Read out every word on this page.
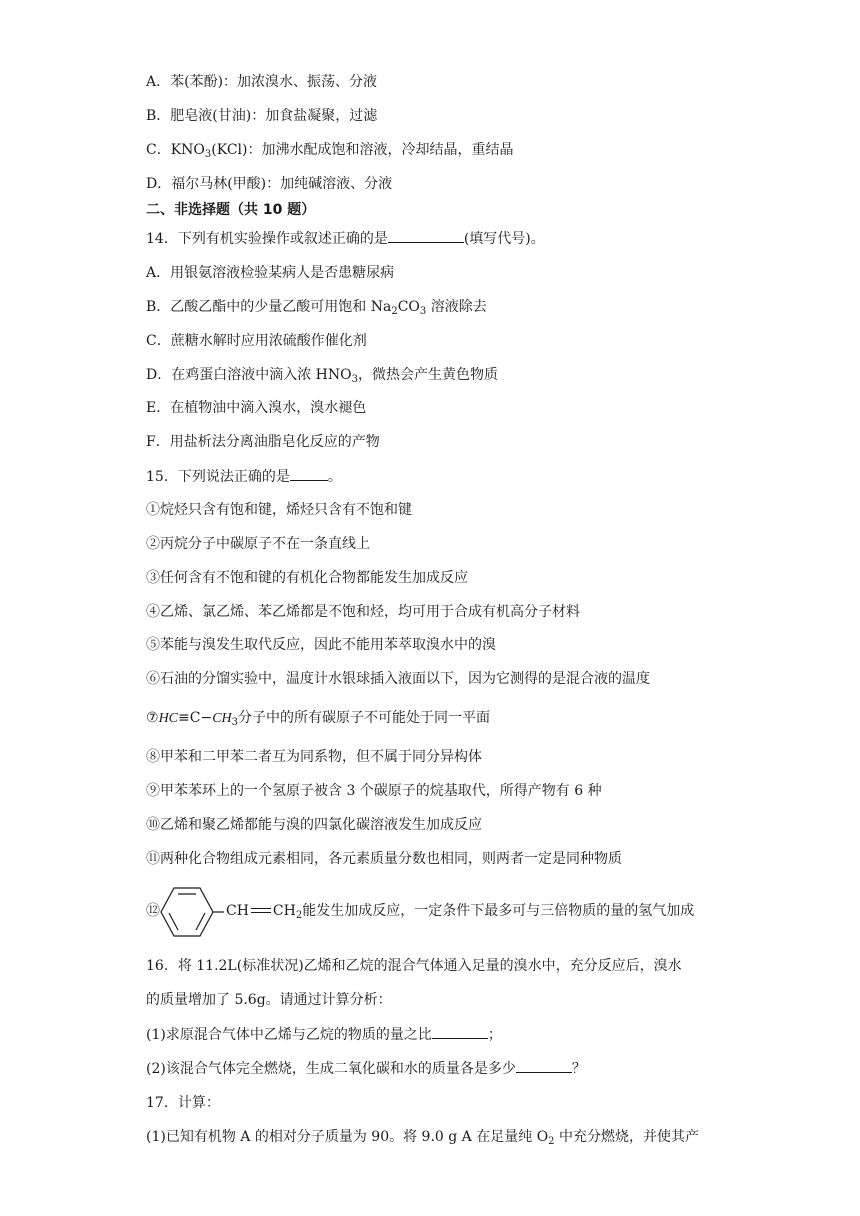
A．苯(苯酚)：加浓溴水、振荡、分液
B．肥皂液(甘油)：加食盐凝聚，过滤
C．$KNO_3(KCl)$：加沸水配成饱和溶液，冷却结晶，重结晶
D．福尔马林(甲酸)：加纯碱溶液、分液
二、非选择题（共 10 题）
14．下列有机实验操作或叙述正确的是	(填写代号)。
A．用银氨溶液检验某病人是否患糖尿病
B．乙酸乙酯中的少量乙酸可用饱和 $Na_2CO_3$ 溶液除去
C．蔗糖水解时应用浓硫酸作催化剂
D．在鸡蛋白溶液中滴入浓 $HNO_3$，微热会产生黄色物质
E．在植物油中滴入溴水，溴水褪色
F．用盐析法分离油脂皂化反应的产物
15．下列说法正确的是	。
①烷烃只含有饱和键，烯烃只含有不饱和键
②丙烷分子中碳原子不在一条直线上
③任何含有不饱和键的有机化合物都能发生加成反应
④乙烯、氯乙烯、苯乙烯都是不饱和烃，均可用于合成有机高分子材料
⑤苯能与溴发生取代反应，因此不能用苯萃取溴水中的溴
⑥石油的分馏实验中，温度计水银球插入液面以下，因为它测得的是混合液的温度
$⑦HC\equiv C-CH_3$分子中的所有碳原子不可能处于同一平面
⑧甲苯和二甲苯二者互为同系物，但不属于同分异构体
⑨甲苯苯环上的一个氢原子被含 3 个碳原子的烷基取代，所得产物有 6 种
⑩乙烯和聚乙烯都能与溴的四氯化碳溶液发生加成反应
⑪两种化合物组成元素相同，各元素质量分数也相同，则两者一定是同种物质
⑫	CH $CH_2$能发生加成反应，一定条件下最多可与三倍物质的量的氢气加成
16．将 11.2L(标准状况)乙烯和乙烷的混合气体通入足量的溴水中，充分反应后，溴水
的质量增加了 5.6g。请通过计算分析：
(1)求原混合气体中乙烯与乙烷的物质的量之比	；
(2)该混合气体完全燃烧，生成二氧化碳和水的质量各是多少	？
17．计算：
(1)已知有机物 A 的相对分子质量为 90。将 9.0 g A 在足量纯 $O_2$ 中充分燃烧，并使其产
